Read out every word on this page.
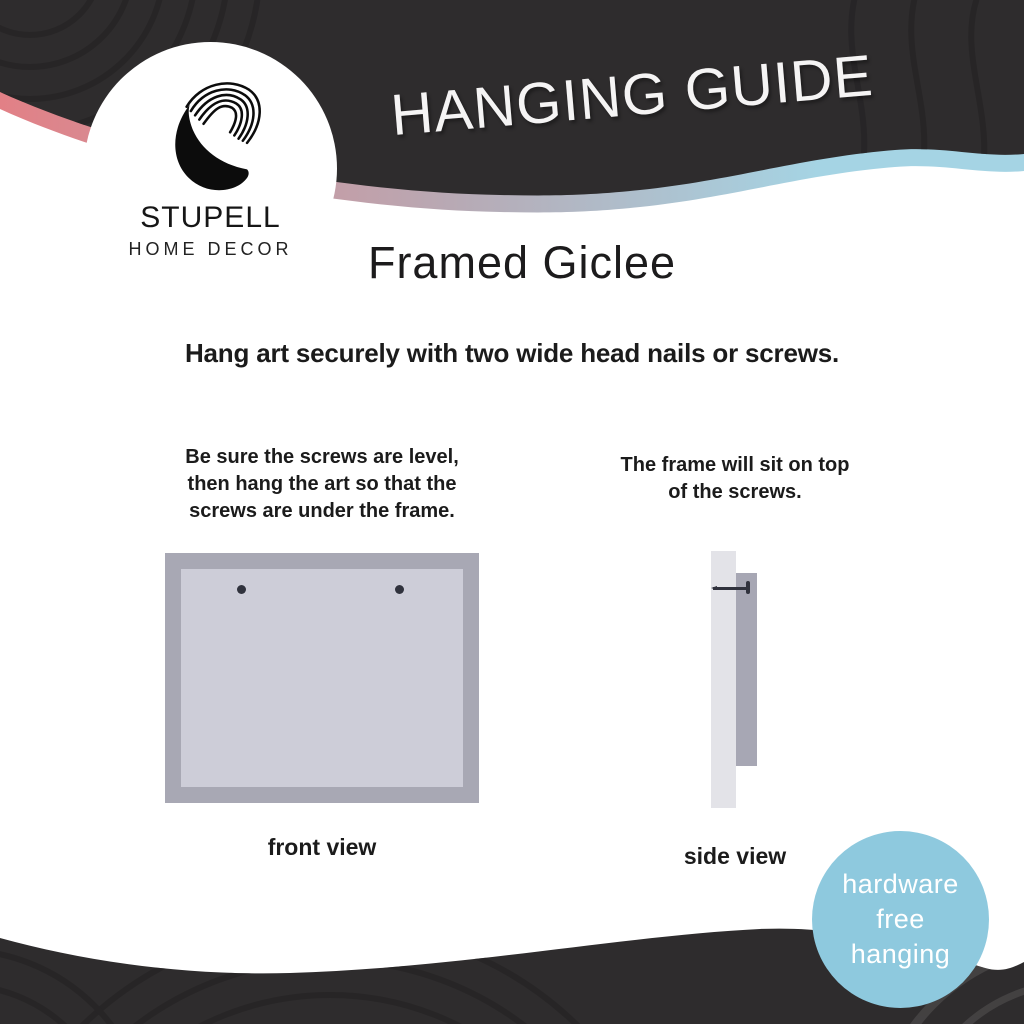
STUPELL
HOME DECOR
HANGING GUIDE
Framed Giclee
Hang art securely with two wide head nails or screws.
Be sure the screws are level,
then hang the art so that the
screws are under the frame.
front view
The frame will sit on top
of the screws.
side view
hardware
free
hanging
